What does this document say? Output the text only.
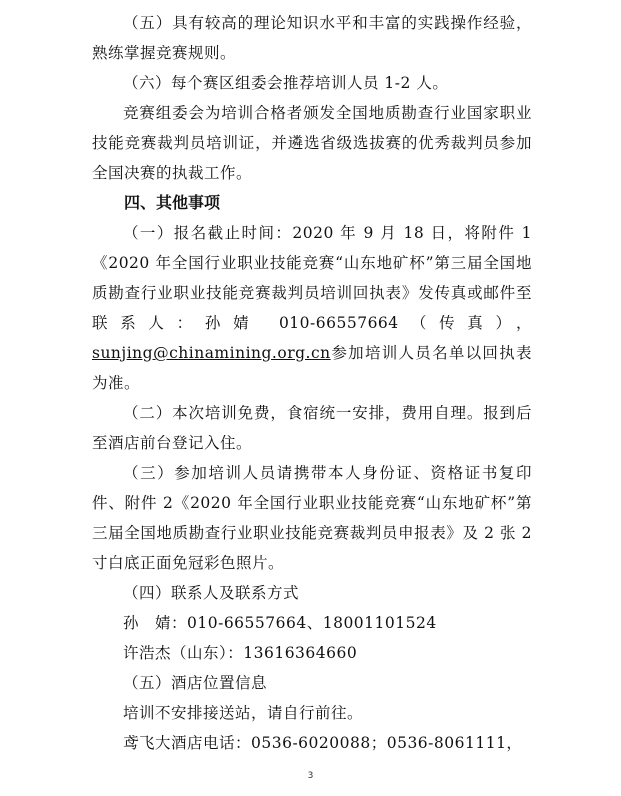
（五）具有较高的理论知识水平和丰富的实践操作经验，熟练掌握竞赛规则。

（六）每个赛区组委会推荐培训人员 1-2 人。

竞赛组委会为培训合格者颁发全国地质勘查行业国家职业技能竞赛裁判员培训证，并遴选省级选拔赛的优秀裁判员参加全国决赛的执裁工作。

四、其他事项

（一）报名截止时间：2020 年 9 月 18 日，将附件 1《2020 年全国行业职业技能竞赛“山东地矿杯”第三届全国地质勘查行业职业技能竞赛裁判员培训回执表》发传真或邮件至联系人：孙婧 010-66557664（传真），sunjing@chinamining.org.cn参加培训人员名单以回执表为准。

（二）本次培训免费，食宿统一安排，费用自理。报到后至酒店前台登记入住。

（三）参加培训人员请携带本人身份证、资格证书复印件、附件 2《2020 年全国行业职业技能竞赛“山东地矿杯”第三届全国地质勘查行业职业技能竞赛裁判员申报表》及 2 张 2 寸白底正面免冠彩色照片。

（四）联系人及联系方式

孙　婧：010-66557664、18001101524

许浩杰（山东）：13616364660

（五）酒店位置信息

培训不安排接送站，请自行前往。

鸢飞大酒店电话：0536-6020088；0536-8061111，

3
